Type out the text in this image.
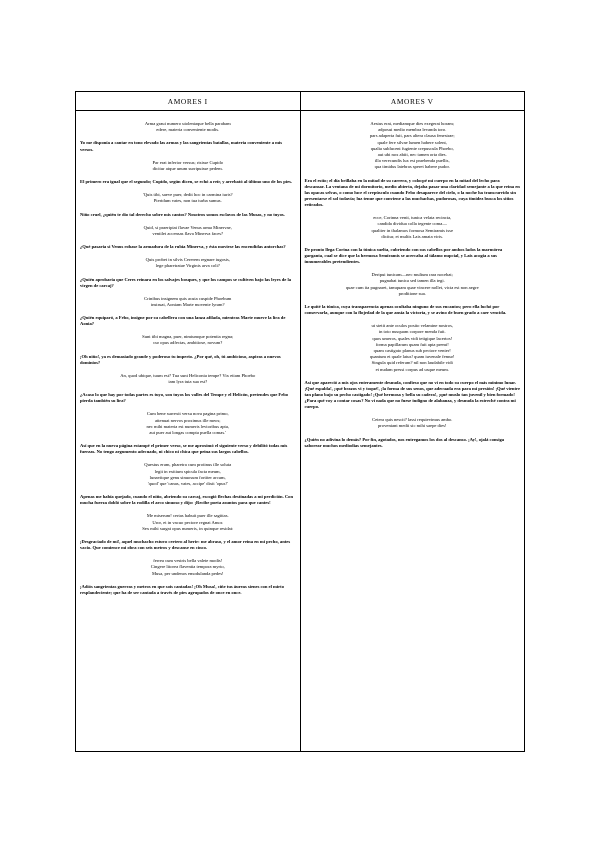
AMORES I	AMORES V
Arma graui numero uiolentaque bella parabam
edere, materia conveniente modis.
Yo me disponía a cantar en tono elevado las armas y las sangrientas batallas, materia conveniente a mis versos.
Par erat inferior versus; risisse Cupido
dicitur atque unum surripuisse pedem.
El primero era igual que el segundo; Cupido, según dicen, se echó a reír, y arrebató al último uno de los pies.
'Quis tibi, saeve puer, dedit hoc in carmina iuris?
Pieridum vates, non tua turba sumus.
Niño cruel, ¿quién te dio tal derecho sobre mis cantos? Nosotros somos esclavos de las Musas, y no tuyos.
Quid, si praeripiat flavae Venus arma Minervae,
ventilet accensas flava Minerva faces?
¿Qué pasaría si Venus robase la armadura de la rubia Minerva, y ésta moviese las encendidas antorchas?
Quis probet in silvis Cererem regnare iugosis,
lege pharetratae Virginis arva coli?
¿Quién aprobaría que Ceres reinara en los salvajes bosques, y que los campos se cultiven bajo las leyes de la virgen de carcaj?
Crinibus insignem quis acuta cuspide Phoebum
instruat, Aoniam Marte movente lyram?
¿Quién equiparó, a Febo, insigne por su cabellera con una lanza afilada, mientras Marte mueve la lira de Aonia?
Sunt tibi magna, puer, nimiumque potentia regna;
cur opus adfectas, ambitiose, novum?
¡Oh niño!, ya es demasiado grande y poderoso tu imperio. ¿Por qué, oh, tú ambicioso, aspiras a nuevos dominios?
An, quod ubique, tuum est? Tua sunt Heliconia tempe? Vix etiam Phoebo
iam lyra tuta sua est?
¿Acaso lo que hay por todas partes es tuyo, son tuyos los valles del Tempe y el Helicón, pretendes que Febo pierda también su lira?
Cum bene surrexit versu nova pagina primo,
attenuat nervos proximus ille meos;
nec mihi materia est numeris levioribus apta,
aut puer aut longas compta puella comas.'
Así que en la nueva página estampé el primer verso, se me aproximó el siguiente verso y debilitó todas mis fuerzas. No tengo argumento adecuado, ni chico ni chica que peina sus largos cabellos.
Questus eram, pharetra cum protinus ille soluta
legit in exitium spicula facta meum,
lunavitque genu sinuosum fortiter arcum,
'quod' que 'canas, vates, accipe' dixit 'opus!'
Apenas me había quejado, cuando el niño, abriendo su carcaj, escogió flechas destinadas a mi perdición. Con mucha fuerza dobló sobre la rodilla el arco sinuoso y dijo: ¡Recibe poeta asuntos para que cantes!
Me miserum! certas habuit puer ille sagittas.
Uror, et in vacuo pectore regnat Amor.
Sex mihi surgat opus numeris, in quinque residat:
¡Desgraciado de mí!, aquel muchacho estuvo certero al herir: me abraso, y el amor reina en mi pecho, antes vacío. Que comience mi obra con seis metros y descanse en cinco.
ferrea cum vestris bella valete modis!
Cingere litorea flaventia tempora myrto,
Musa, per undenos emodulanda pedes!
¡Adiós sangrientas guerras y metros en que sois cantadas! ¡Oh Musa!, ciñe tus áureas sienes con el mirto resplandeciente; que ha de ser cantada a través de pies agrupados de once en once.
Aestus erat, mediamque dies exegerat horam;
adposui medio membra levanda toro.
pars adaperta fuit, pars altera clausa fenestrae;
quale fere silvae lumen habere solent,
qualia sublucent fugiente crepuscula Phoebo,
aut ubi nox abiit, nec tamen orta dies.
illa verecundis lux est praebenda puellis,
qua timidus latebras speret habere pudor.
Era el estío; el día brillaba en la mitad de su carrera, y colocpé mi cuerpo en la mitad del lecho para descansar. La ventana de mi dormitorio, medio abierta, dejaba pasar una claridad semejante a la que reina en las opacas selvas, o como luce el crepúsculo cuando Febo desaparece del cielo, o la noche ha transcurrido sin presentarse el sol todavía; luz tenue que conviene a las muchachas, pudorosas, cuya timidez busca los sitios retirados.
ecce, Corinna venit, tunica velata recincta,
candida dividua colla tegente coma—
qualiter in thalamos formosa Semiramis isse
dicitur, et multis Lais amata viris.
De pronto llega Corina con la túnica suelta, cubriendo con sus cabellos por ambos lados la marmórea garganta, cual se dice que la hermosa Semíramis se acercaba al tálamo nupcial, y Laís acogía a sus innumerables pretendientes.
Deripui tunicam—nec multum rara nocebat;
pugnabat tunica sed tamen illa tegi.
quae cum ita pugnaret, tamquam quae vincere nollet, victa est non aegre
proditione sua.
Le quité la túnica, cuya transparencia apenas ocultaba ninguno de sus encantos; pero ella luchó por conservarla, aunque con la flojedad de la que ansía la victoria, y se avino de buen grado a caer vencida.
ut stetit ante oculos posito velamine nostros,
in toto nusquam corpore menda fuit.
quos umeros, quales vidi tetigique lacertos!
forma papillarum quam fuit apta premi!
quam castigato planus sub pectore venter!
quantum et quale latus! quam iuvenale femur!
Singula quid referam? nil non laudabile vidi
et nudam pressi corpus ad usque meum.
Así que apareció a mis ojos enteramente desnuda, confieso que no vi en todo su cuerpo el más mínimo lunar. ¡Qué espalda!, ¡qué brazos vi y toqué!, ¡la forma de sus senos, que adecuada era para mi presión! ¡Qué vientre tan plano bajo su pecho castigado! ¡Qué hermosa y bella su cadera!, ¡qué muslo tan juvenil y bien formado! ¿Para qué voy a contar cosas? No vi nada que no fuese indigno de alabanza, y desnuda la estreché contra mi cuerpo.
Cetera quis nescit? lassi requievimus ambo.
proveniant medii sic mihi saepe dies!
¿Quién no adivina lo demás? Por fin, agotados, nos entregamos los dos al descanso. ¡Ay!, ojalá consiga saborear muchos mediodías semejantes.
